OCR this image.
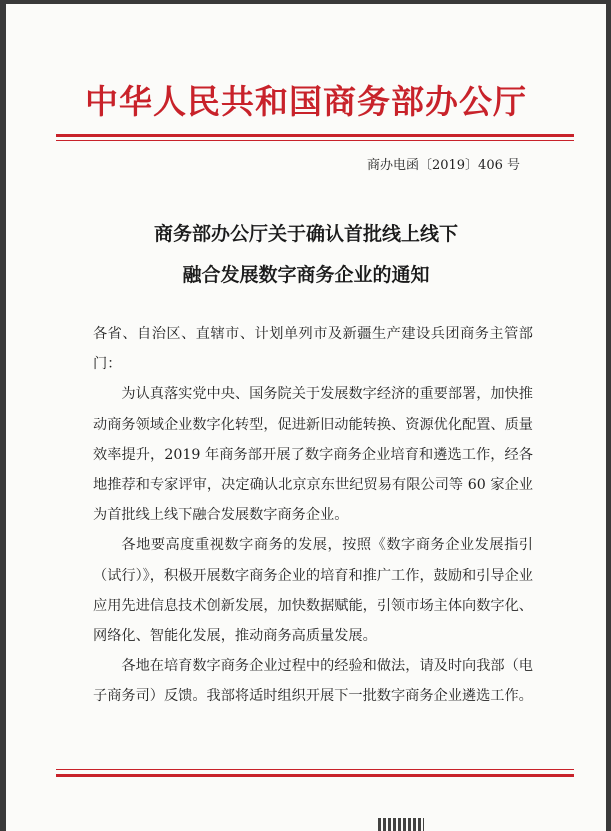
中华人民共和国商务部办公厅
商办电函〔2019〕406 号
商务部办公厅关于确认首批线上线下
融合发展数字商务企业的通知

各省、自治区、直辖市、计划单列市及新疆生产建设兵团商务主管部门：

为认真落实党中央、国务院关于发展数字经济的重要部署，加快推动商务领域企业数字化转型，促进新旧动能转换、资源优化配置、质量效率提升，2019 年商务部开展了数字商务企业培育和遴选工作，经各地推荐和专家评审，决定确认北京京东世纪贸易有限公司等 60 家企业为首批线上线下融合发展数字商务企业。

各地要高度重视数字商务的发展，按照《数字商务企业发展指引（试行）》，积极开展数字商务企业的培育和推广工作，鼓励和引导企业应用先进信息技术创新发展，加快数据赋能，引领市场主体向数字化、网络化、智能化发展，推动商务高质量发展。

各地在培育数字商务企业过程中的经验和做法，请及时向我部（电子商务司）反馈。我部将适时组织开展下一批数字商务企业遴选工作。
